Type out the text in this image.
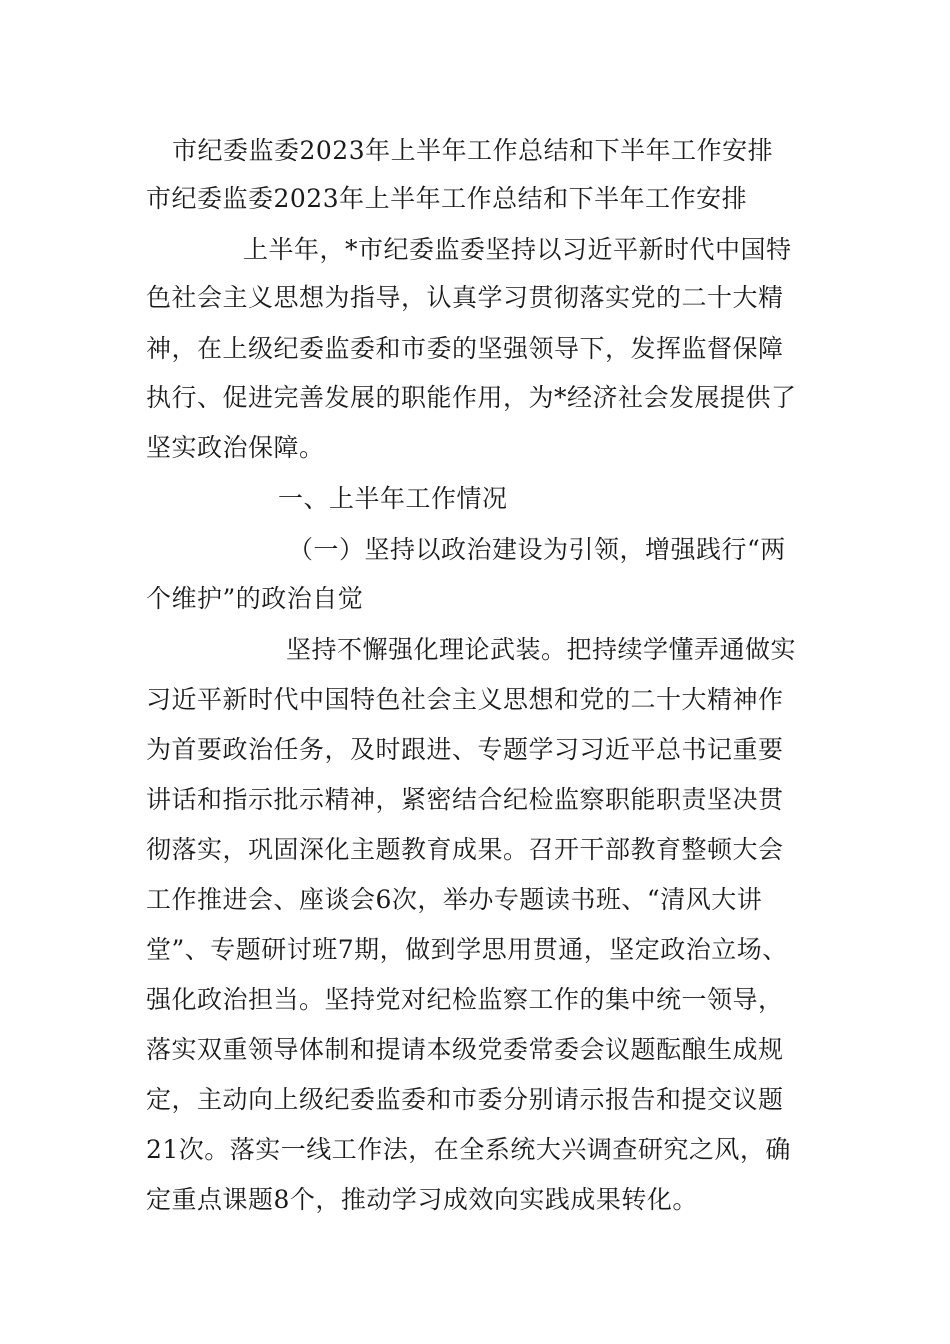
市纪委监委2023年上半年工作总结和下半年工作安排
市纪委监委2023年上半年工作总结和下半年工作安排
上半年，*市纪委监委坚持以习近平新时代中国特
色社会主义思想为指导，认真学习贯彻落实党的二十大精
神，在上级纪委监委和市委的坚强领导下，发挥监督保障
执行、促进完善发展的职能作用，为*经济社会发展提供了
坚实政治保障。
一、上半年工作情况
（一）坚持以政治建设为引领，增强践行“两
个维护”的政治自觉
坚持不懈强化理论武装。把持续学懂弄通做实
习近平新时代中国特色社会主义思想和党的二十大精神作
为首要政治任务，及时跟进、专题学习习近平总书记重要
讲话和指示批示精神，紧密结合纪检监察职能职责坚决贯
彻落实，巩固深化主题教育成果。召开干部教育整顿大会
工作推进会、座谈会6次，举办专题读书班、“清风大讲
堂”、专题研讨班7期，做到学思用贯通，坚定政治立场、
强化政治担当。坚持党对纪检监察工作的集中统一领导，
落实双重领导体制和提请本级党委常委会议题酝酿生成规
定，主动向上级纪委监委和市委分别请示报告和提交议题
21次。落实一线工作法，在全系统大兴调查研究之风，确
定重点课题8个，推动学习成效向实践成果转化。
